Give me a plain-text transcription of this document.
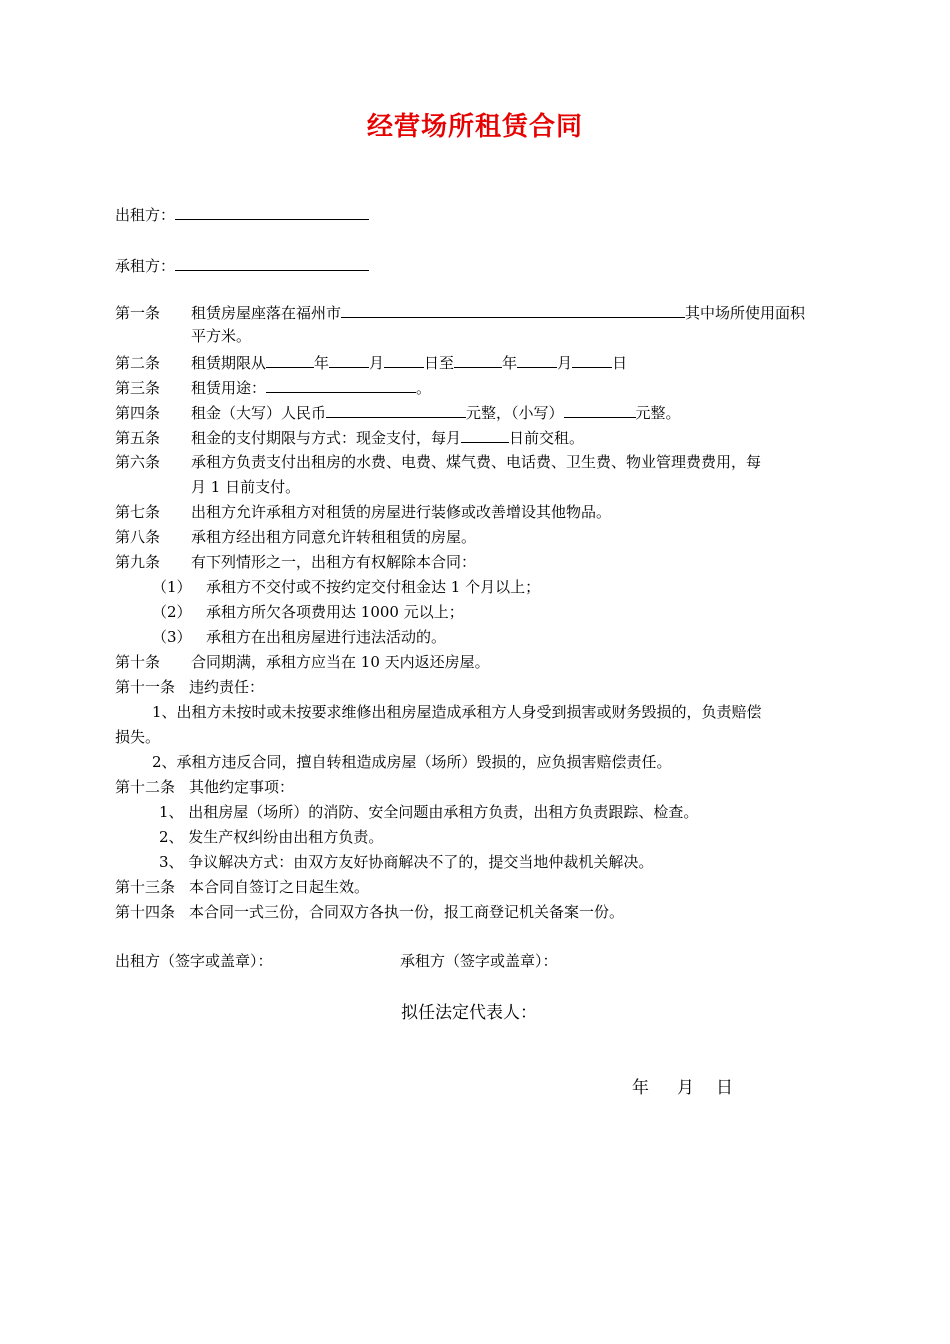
经营场所租赁合同
出租方：
承租方：
第一条 租赁房屋座落在福州市	其中场所使用面积
平方米。
第二条 租赁期限从	年	月	日至	年	月	日
第三条 租赁用途：	。
第四条 租金（大写）人民币	元整，（小写）	元整。
第五条 租金的支付期限与方式：现金支付，每月	日前交租。
第六条 承租方负责支付出租房的水费、电费、煤气费、电话费、卫生费、物业管理费费用，每
月 1 日前支付。
第七条 出租方允许承租方对租赁的房屋进行装修或改善增设其他物品。
第八条 承租方经出租方同意允许转租租赁的房屋。
第九条 有下列情形之一，出租方有权解除本合同：
（1） 承租方不交付或不按约定交付租金达 1 个月以上；
（2） 承租方所欠各项费用达 1000 元以上；
（3） 承租方在出租房屋进行违法活动的。
第十条 合同期满，承租方应当在 10 天内返还房屋。
第十一条 违约责任：
1、出租方未按时或未按要求维修出租房屋造成承租方人身受到损害或财务毁损的，负责赔偿
损失。
2、承租方违反合同，擅自转租造成房屋（场所）毁损的，应负损害赔偿责任。
第十二条 其他约定事项：
1、 出租房屋（场所）的消防、安全问题由承租方负责，出租方负责跟踪、检查。
2、 发生产权纠纷由出租方负责。
3、 争议解决方式：由双方友好协商解决不了的，提交当地仲裁机关解决。
第十三条 本合同自签订之日起生效。
第十四条 本合同一式三份，合同双方各执一份，报工商登记机关备案一份。
出租方（签字或盖章）：	承租方（签字或盖章）：
拟任法定代表人：
年 月 日
